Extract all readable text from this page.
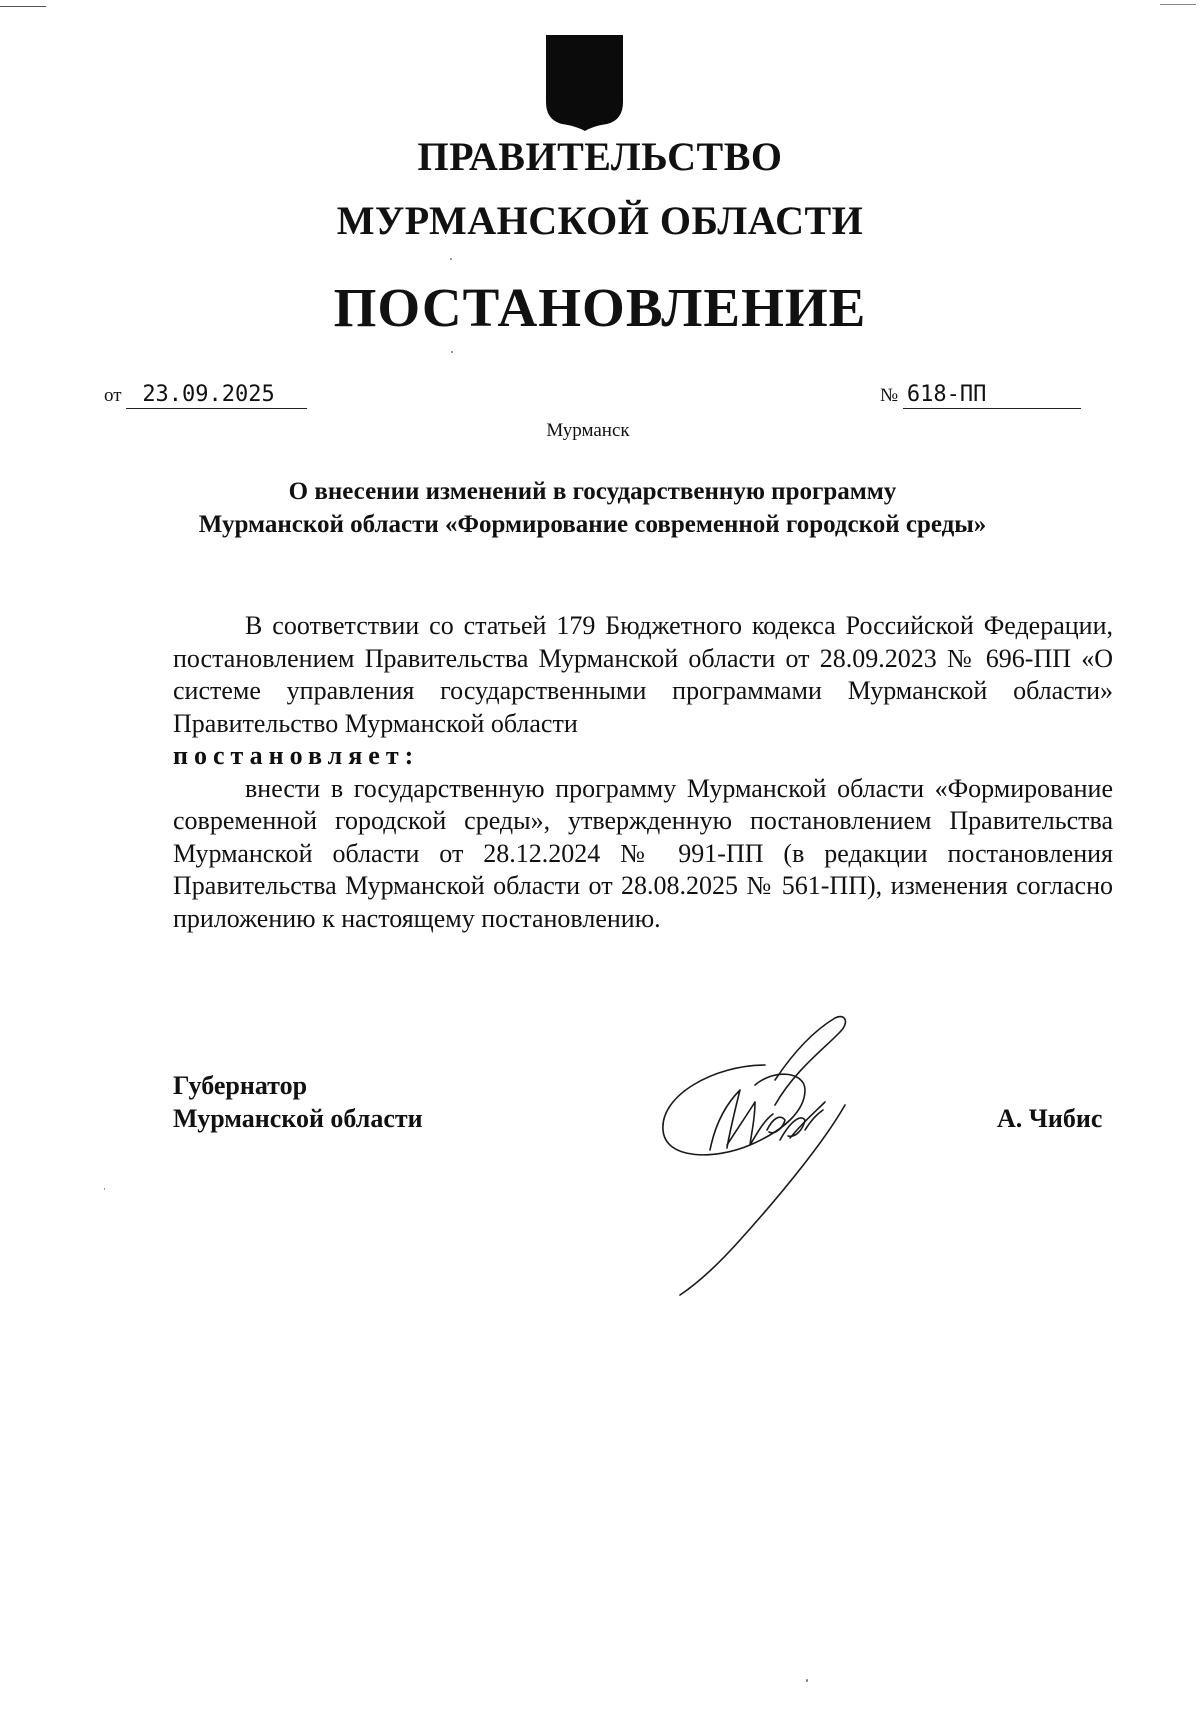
ПРАВИТЕЛЬСТВО
МУРМАНСКОЙ ОБЛАСТИ
ПОСТАНОВЛЕНИЕ
от 23.09.2025	№ 618-ПП
Мурманск
О внесении изменений в государственную программу
Мурманской области «Формирование современной городской среды»

В соответствии со статьей 179 Бюджетного кодекса Российской Федерации, постановлением Правительства Мурманской области от 28.09.2023 № 696-ПП «О системе управления государственными программами Мурманской области» Правительство Мурманской области

постановляет:

внести в государственную программу Мурманской области «Формирование современной городской среды», утвержденную постановлением Правительства Мурманской области от 28.12.2024 № 991-ПП (в редакции постановления Правительства Мурманской области от 28.08.2025 № 561-ПП), изменения согласно приложению к настоящему постановлению.

Губернатор
Мурманской области	А. Чибис
